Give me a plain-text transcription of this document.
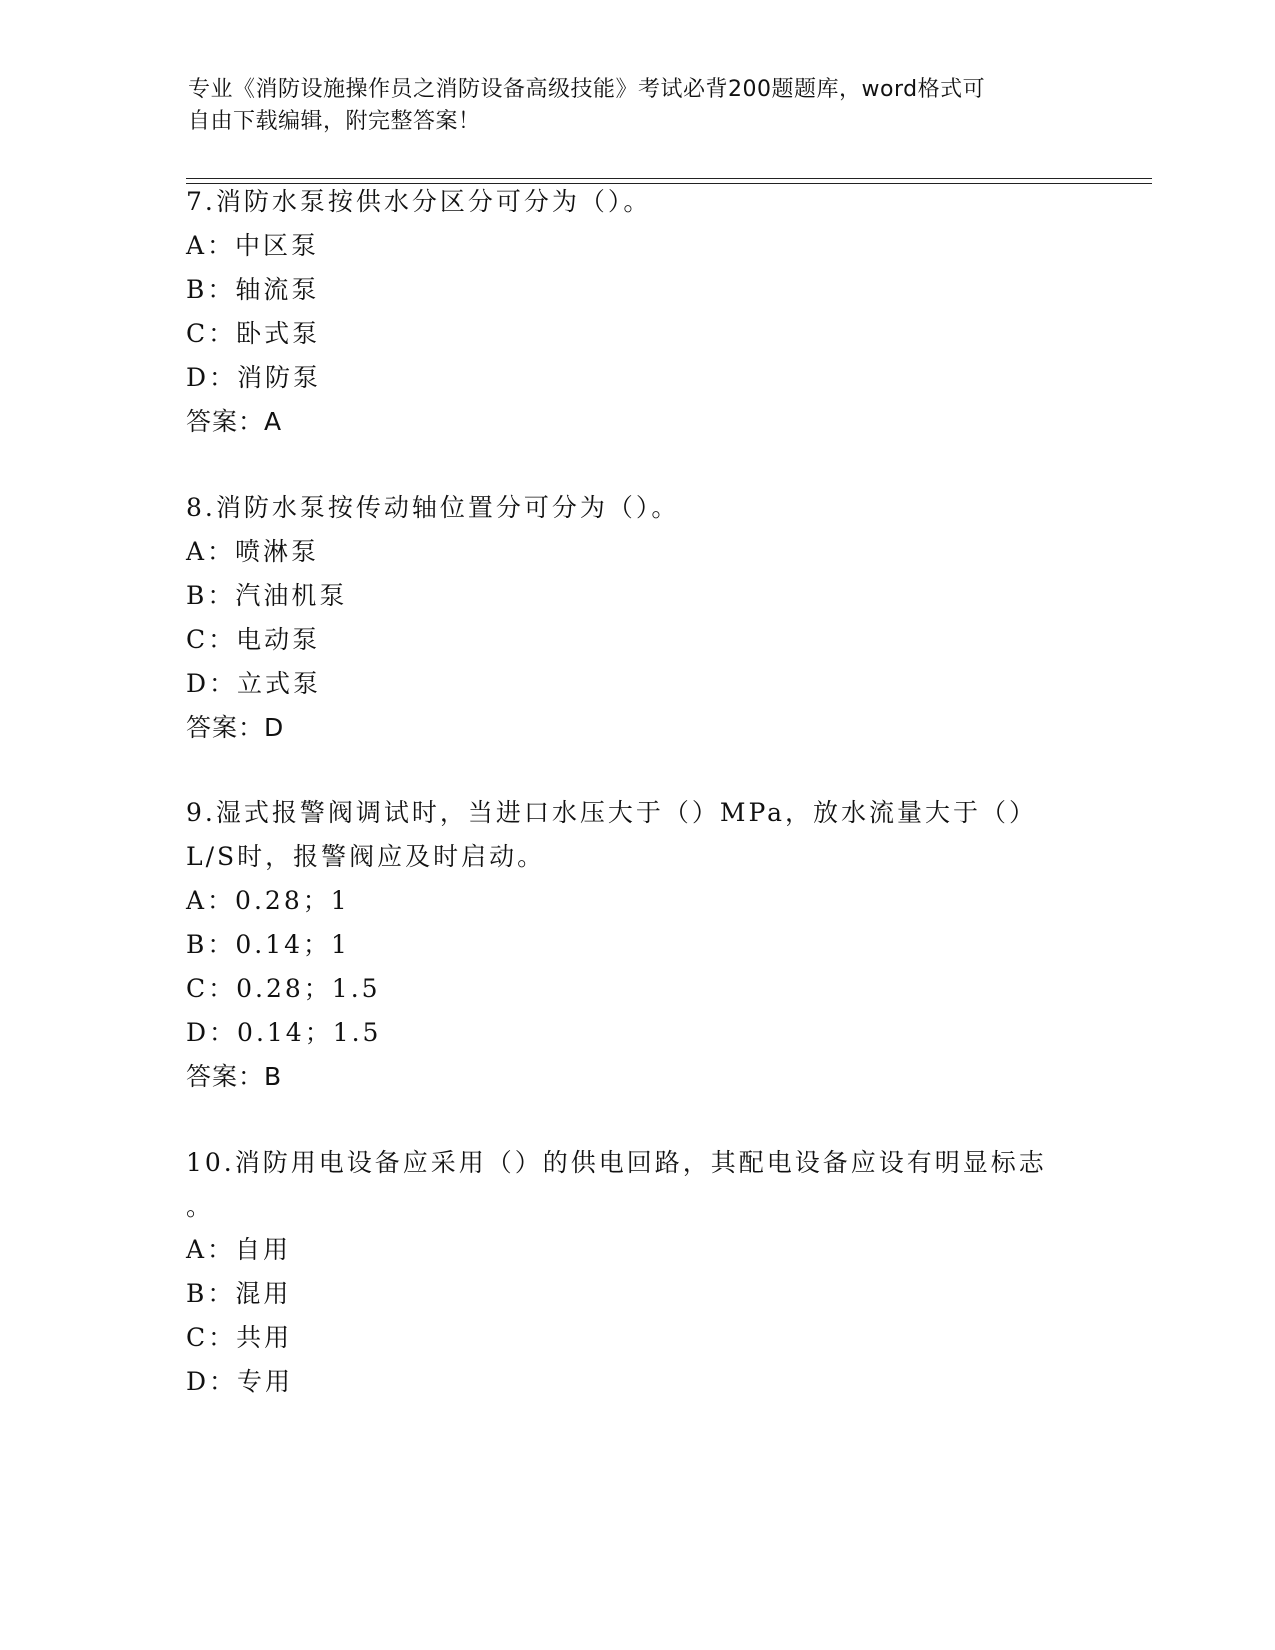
专业《消防设施操作员之消防设备高级技能》考试必背200题题库，word格式可
自由下载编辑，附完整答案！
7.消防水泵按供水分区分可分为（）。
A：中区泵
B：轴流泵
C：卧式泵
D：消防泵
答案：A
8.消防水泵按传动轴位置分可分为（）。
A：喷淋泵
B：汽油机泵
C：电动泵
D：立式泵
答案：D
9.湿式报警阀调试时，当进口水压大于（）MPa，放水流量大于（）
L/S时，报警阀应及时启动。
A：0.28；1
B：0.14；1
C：0.28；1.5
D：0.14；1.5
答案：B
10.消防用电设备应采用（）的供电回路，其配电设备应设有明显标志
。
A：自用
B：混用
C：共用
D：专用
